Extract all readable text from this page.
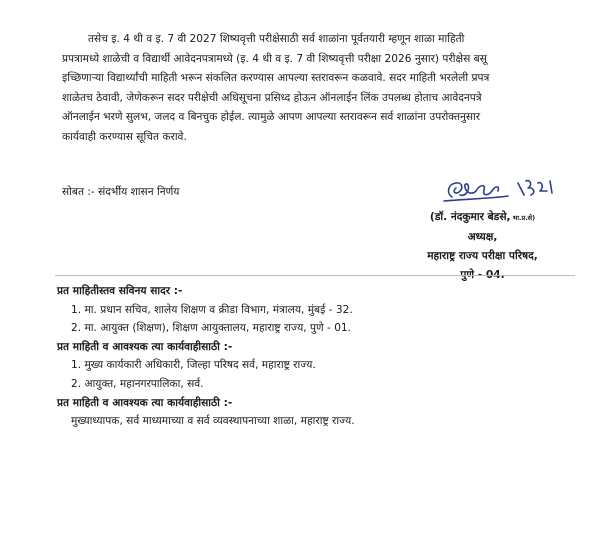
तसेच इ. 4 थी व इ. 7 वी 2027 शिष्यवृत्ती परीक्षेसाठी सर्व शाळांना पूर्वतयारी म्हणून शाळा माहिती
प्रपत्रामध्ये शाळेची व विद्यार्थी आवेदनपत्रामध्ये (इ. 4 थी व इ. 7 वी शिष्यवृत्ती परीक्षा 2026 नुसार) परीक्षेस बसू
इच्छिणाऱ्या विद्यार्थ्यांची माहिती भरून संकलित करण्यास आपल्या स्तरावरून कळवावे. सदर माहिती भरलेली प्रपत्र
शाळेतच ठेवावी, जेणेकरून सदर परीक्षेची अधिसूचना प्रसिध्द होऊन ऑनलाईन लिंक उपलब्ध होताच आवेदनपत्रे
ऑनलाईन भरणे सुलभ, जलद व बिनचुक होईल. त्यामुळे आपण आपल्या स्तरावरून सर्व शाळांना उपरोक्तनुसार
कार्यवाही करण्यास सूचित करावे.

सोबत :- संदर्भीय शासन निर्णय
(डॉ. नंदकुमार बेडसे, भा.प्र.से)
अध्यक्ष,
महाराष्ट्र राज्य परीक्षा परिषद,
पुणे - 04.
प्रत माहितीस्तव सविनय सादर :-
1. मा. प्रधान सचिव, शालेय शिक्षण व क्रीडा विभाग, मंत्रालय, मुंबई - 32.
2. मा. आयुक्त (शिक्षण), शिक्षण आयुक्तालय, महाराष्ट्र राज्य, पुणे - 01.
प्रत माहिती व आवश्यक त्या कार्यवाहीसाठी :-
1. मुख्य कार्यकारी अधिकारी, जिल्हा परिषद सर्व, महाराष्ट्र राज्य.
2. आयुक्त, महानगरपालिका, सर्व.
प्रत माहिती व आवश्यक त्या कार्यवाहीसाठी :-
मुख्याध्यापक, सर्व माध्यमाच्या व सर्व व्यवस्थापनाच्या शाळा, महाराष्ट्र राज्य.
